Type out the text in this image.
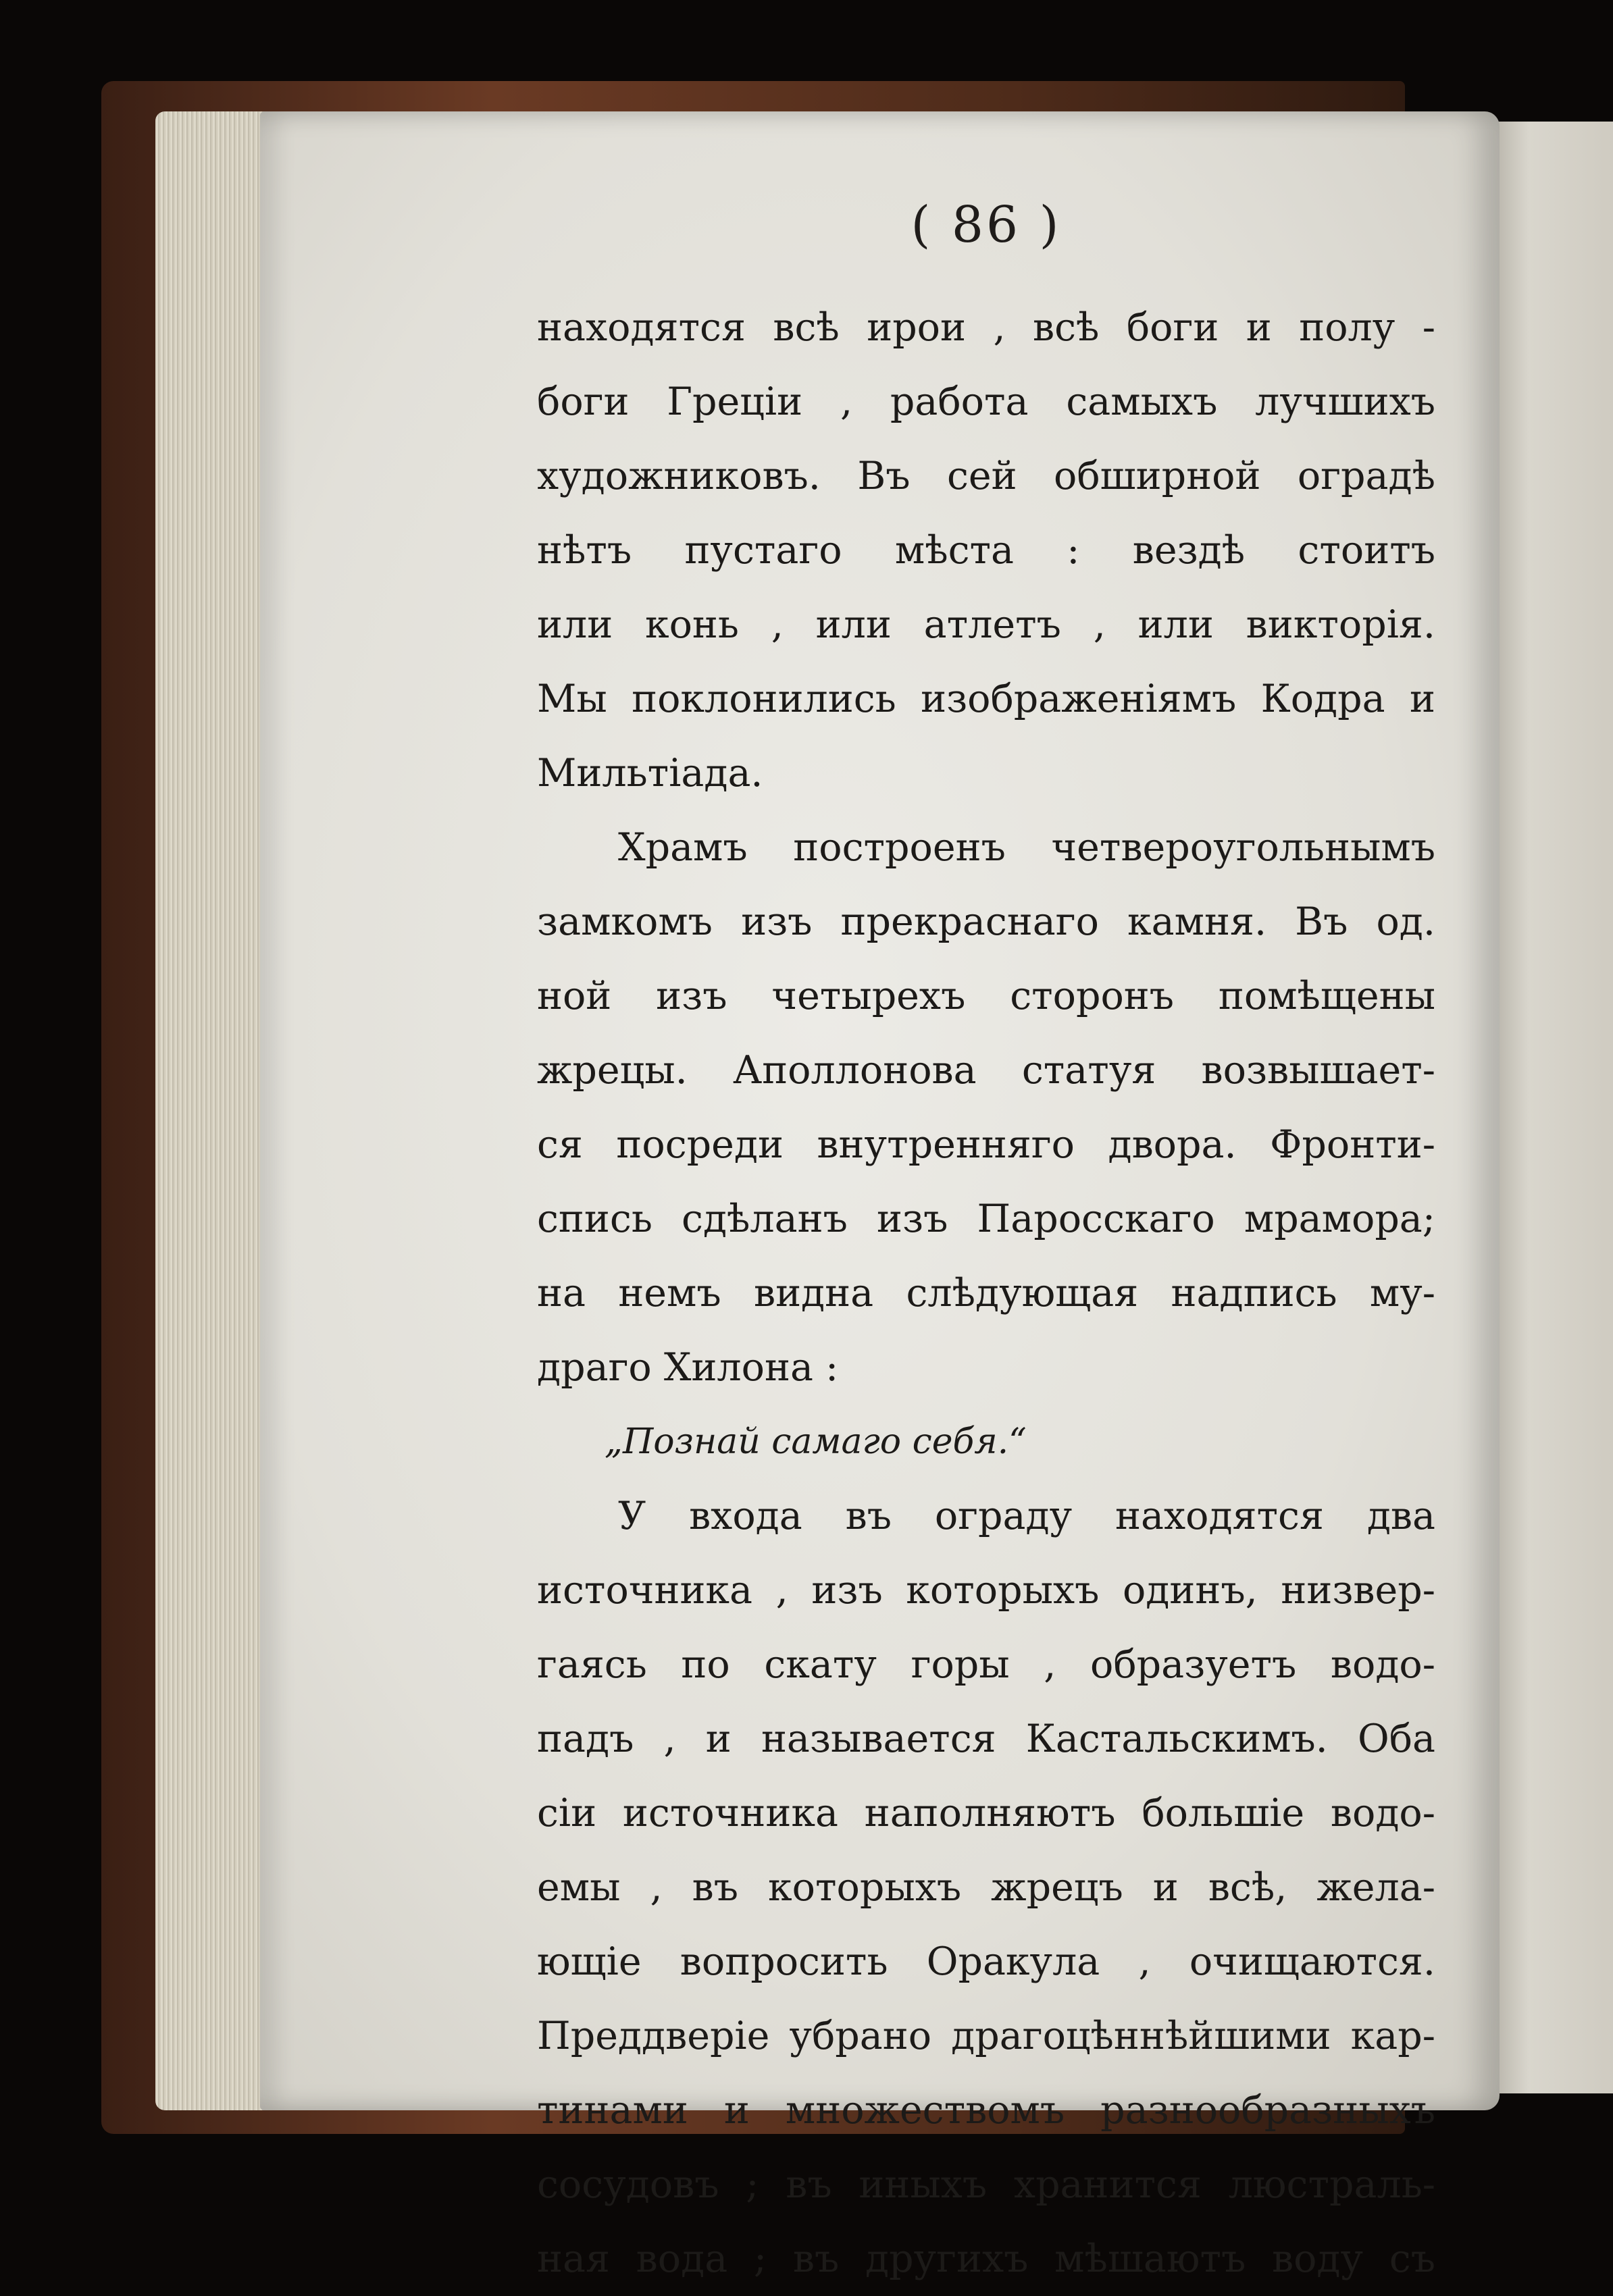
( 86 )
находятся всѣ ирои , всѣ боги и полу -
боги Греціи , работа самыхъ лучшихъ
художниковъ. Въ сей обширной оградѣ
нѣтъ пустаго мѣста : вездѣ стоитъ
или конь , или атлетъ , или викторія.
Мы поклонились изображеніямъ Кодра и
Мильтіада.
Храмъ построенъ четвероугольнымъ
замкомъ изъ прекраснаго камня. Въ од.
ной изъ четырехъ сторонъ помѣщены
жрецы. Аполлонова статуя возвышает-
ся посреди внутренняго двора. Фронти-
спись сдѣланъ изъ Паросскаго мрамора;
на немъ видна слѣдующая надпись му-
драго Хилона :
„Познай самаго себя.“
У входа въ ограду находятся два
источника , изъ которыхъ одинъ, низвер-
гаясь по скату горы , образуетъ водо-
падъ , и называется Кастальскимъ. Оба
сіи источника наполняютъ большіе водо-
емы , въ которыхъ жрецъ и всѣ, жела-
ющіе вопросить Оракула , очищаются.
Преддверіе убрано драгоцѣннѣйшими кар-
тинами и множествомъ разнообразныхъ
сосудовъ ; въ иныхъ хранится люстраль-
ная вода ; въ другихъ мѣшаютъ воду съ
